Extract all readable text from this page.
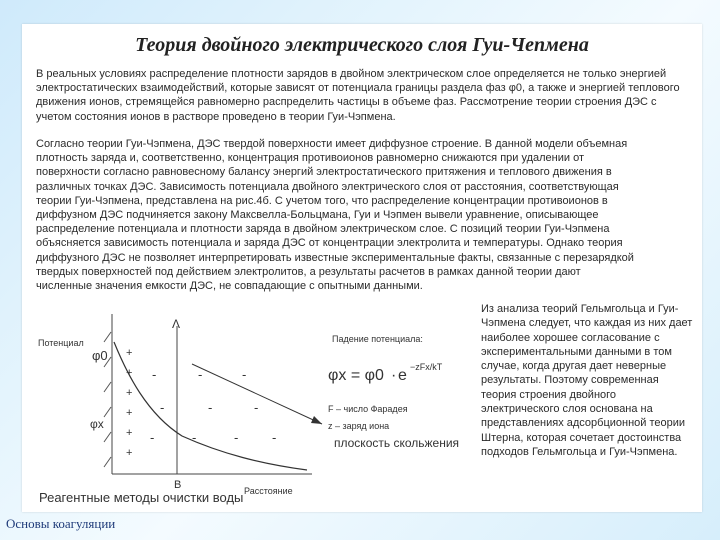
Теория двойного электрического слоя Гуи-Чепмена

В реальных условиях распределение плотности зарядов в двойном электрическом слое определяется не только энергией электростатических взаимодействий, которые зависят от потенциала границы раздела фаз φ0, а также и энергией теплового движения ионов, стремящейся равномерно распределить частицы в объеме фаз. Рассмотрение теории строения ДЭС с учетом состояния ионов в растворе проведено в теории Гуи-Чэпмена.

Согласно теории Гуи-Чэпмена, ДЭС твердой поверхности имеет диффузное строение. В данной модели объемная плотность заряда и, соответственно, концентрация противоионов равномерно снижаются при удалении от поверхности согласно равновесному балансу энергий электростатического притяжения и теплового движения в различных точках ДЭС. Зависимость потенциала двойного электрического слоя от расстояния, соответствующая теории Гуи-Чэпмена, представлена на рис.4б. С учетом того, что распределение концентрации противоионов в диффузном ДЭС подчиняется закону Максвелла-Больцмана, Гуи и Чэпмен вывели уравнение, описывающее распределение потенциала и плотности заряда в двойном электрическом слое. С позиций теории Гуи-Чэпмена объясняется зависимость потенциала и заряда ДЭС от концентрации электролита и температуры. Однако теория диффузного ДЭС не позволяет интерпретировать известные экспериментальные факты, связанные с перезарядкой твердых поверхностей под действием электролитов, а результаты расчетов в рамках данной теории дают численные значения емкости ДЭС, не совпадающие с опытными данными.

Из анализа теорий Гельмгольца и Гуи-Чэпмена следует, что каждая из них дает наиболее хорошее согласование с экспериментальными данными в том случае, когда другая дает неверные результаты. Поэтому современная теория строения двойного электрического слоя основана на представлениях адсорбционной теории Штерна, которая сочетает достоинства подходов Гельмгольца и Гуи-Чэпмена.

Потенциал
φ0
φx
Λ
B	Расстояние
+
+
+
+
+
+
-	-	-
-	-	-
-	-	-	-
Падение потенциала:
φx = φ0 · e −zFx/kT
F – число Фарадея
z – заряд иона
плоскость скольжения

Реагентные методы очистки воды

Основы коагуляции
